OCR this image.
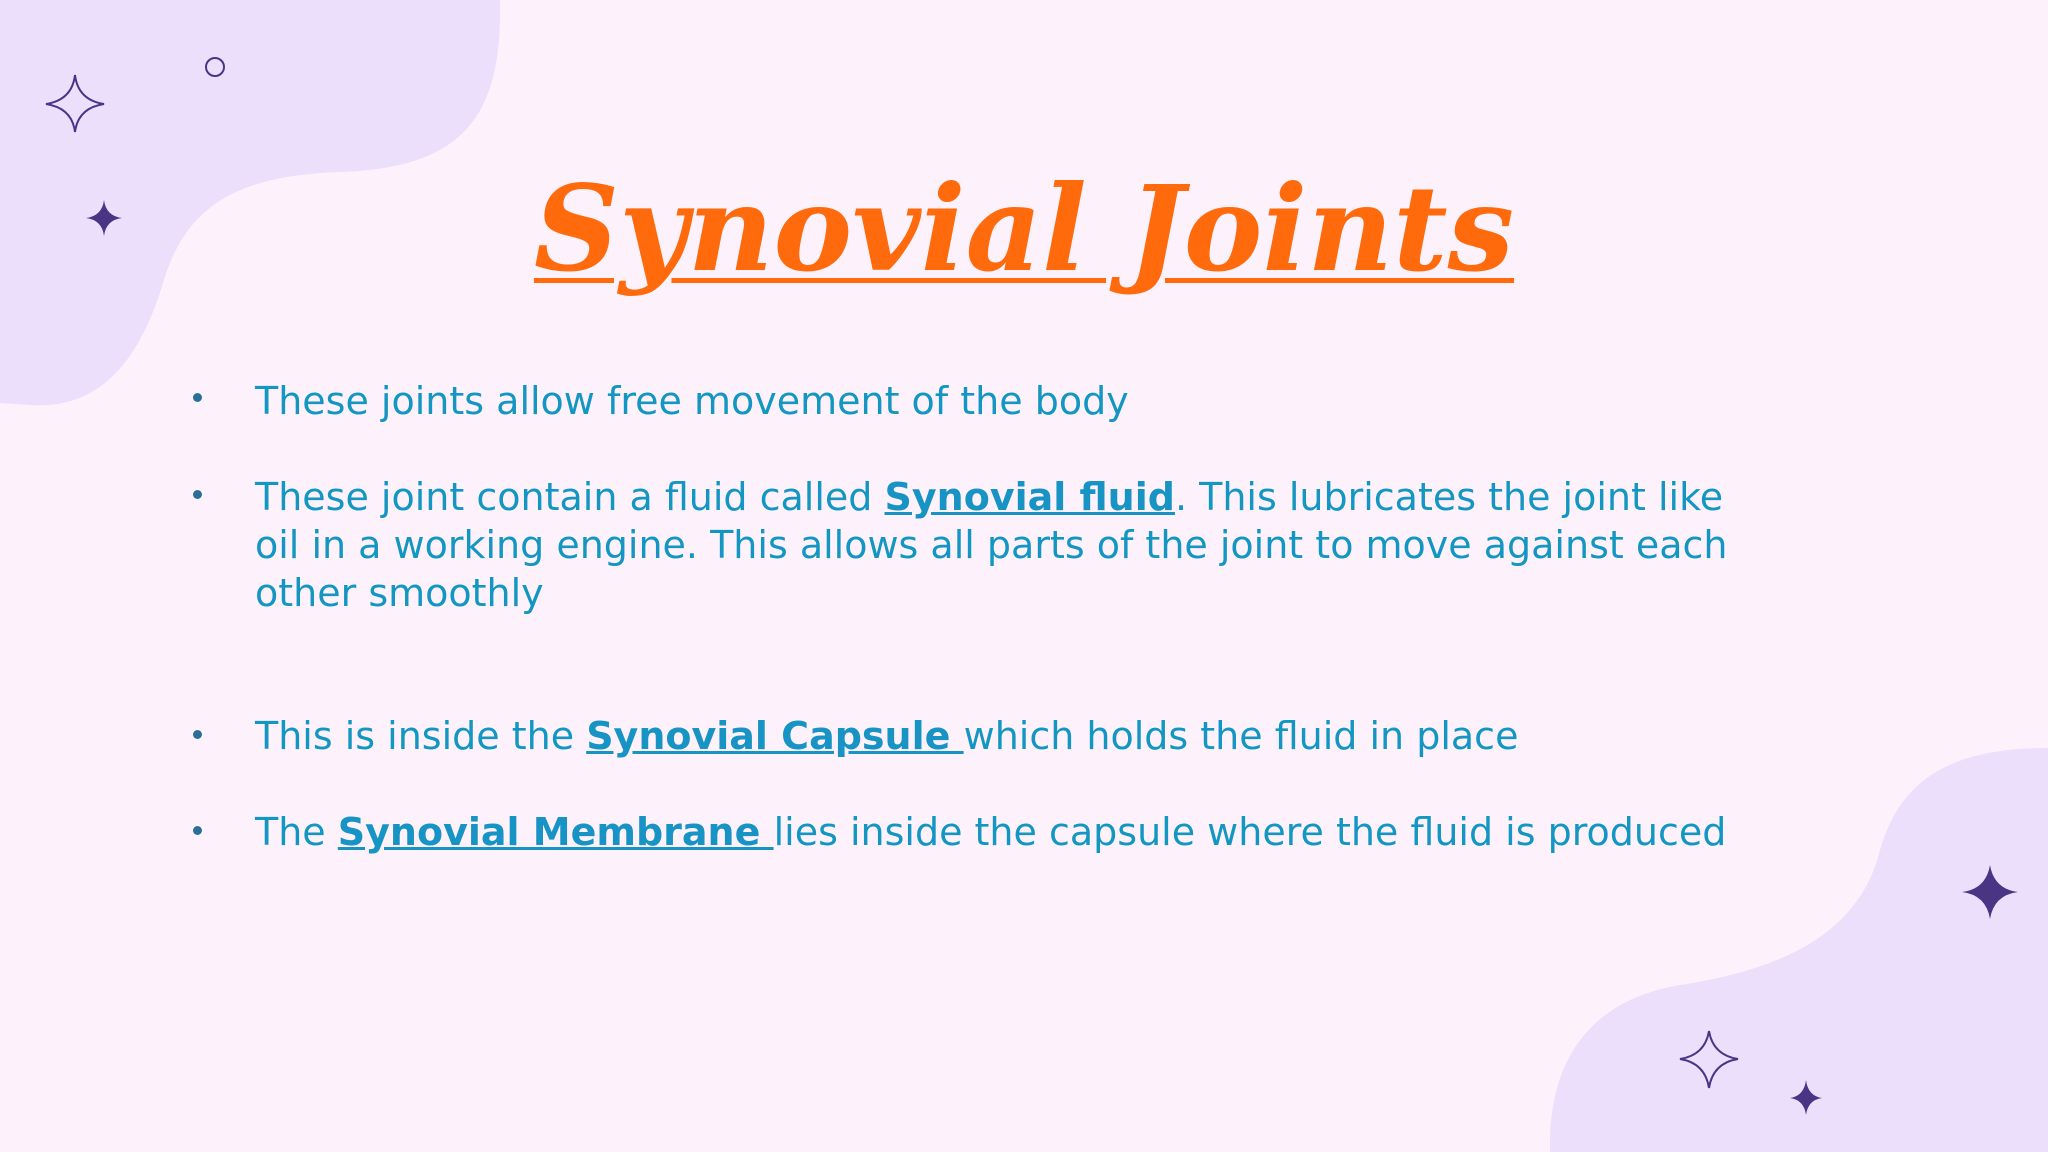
Synovial Joints
These joints allow free movement of the body
These joint contain a fluid called Synovial fluid. This lubricates the joint like oil in a working engine. This allows all parts of the joint to move against each other smoothly
This is inside the Synovial Capsule which holds the fluid in place
The Synovial Membrane lies inside the capsule where the fluid is produced
